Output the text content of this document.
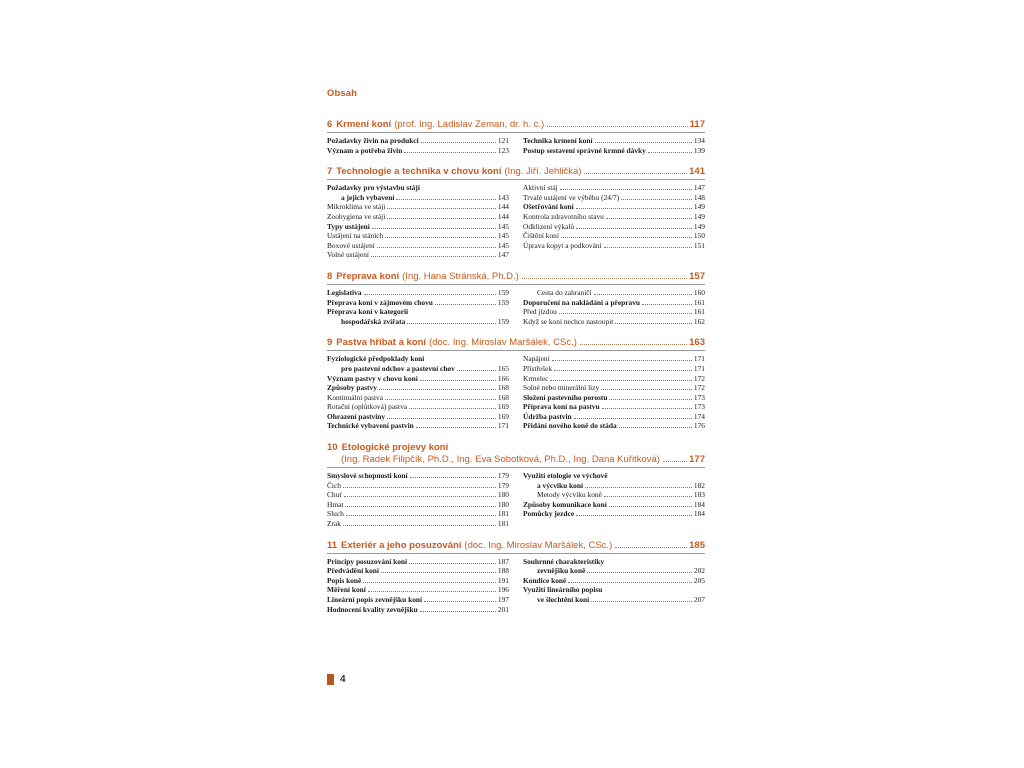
Obsah
6 Krmení koní (prof. Ing. Ladislav Zeman, dr. h. c.)	117
Požadavky živin na produkci	121
Význam a potřeba živin	123
Technika krmení koní	134
Postup sestavení správné krmné dávky	139
7 Technologie a technika v chovu koní (Ing. Jiří. Jehlička)	141
Požadavky pro výstavbu stájí
a jejich vybavení	143
Mikroklima ve stáji	144
Zoohygiena ve stáji	144
Typy ustájení	145
Ustájení na stáních	145
Boxové ustájení	145
Volné ustájení	147
Aktivní stáj	147
Trvalé ustájení ve výběhu (24/7)	148
Ošetřování koní	149
Kontrola zdravotního stavu	149
Odklizení výkalů	149
Čištění koní	150
Úprava kopyt a podkování	151
8 Přeprava koní (Ing. Hana Stránská, Ph.D.)	157
Legislativa	159
Přeprava koní v zájmovém chovu	159
Přeprava koní v kategorii
hospodářská zvířata	159
Cesta do zahraničí	160
Doporučení na nakládání a přepravu	161
Před jízdou	161
Když se koni nechce nastoupit	162
9 Pastva hříbat a koní (doc. Ing. Miroslav Maršálek, CSc.)	163
Fyziologické předpoklady koní
pro pastevní odchov a pastevní chov	165
Význam pastvy v chovu koní	166
Způsoby pastvy	168
Kontinuální pastva	168
Rotační (oplůtková) pastva	169
Ohrazení pastviny	169
Technické vybavení pastvin	171
Napájení	171
Přístřešek	171
Krmelec	172
Solné nebo minerální lizy	172
Složení pastevního porostu	173
Příprava koní na pastvu	173
Údržba pastvin	174
Přidání nového koně do stáda	176
10 Etologické projevy koní
(Ing. Radek Filipčík, Ph.D., Ing. Eva Sobotková, Ph.D., Ing. Dana Kuřitková)	177
Smyslové schopnosti koní	179
Čich	179
Chuť	180
Hmat	180
Sluch	181
Zrak	181
Využití etologie ve výchově
a výcviku koní	182
Metody výcviku koně	183
Způsoby komunikace koní	184
Pomůcky jezdce	184
11 Exteriér a jeho posuzování (doc. Ing. Miroslav Maršálek, CSc.)	185
Principy posuzování koní	187
Předvádění koní	188
Popis koně	191
Měření koní	196
Lineární popis zevnějšku koní	197
Hodnocení kvality zevnějšku	201
Souhrnné charakteristiky
zevnějšku koně	202
Kondice koně	205
Využití lineárního popisu
ve šlechtění koní	207
4
